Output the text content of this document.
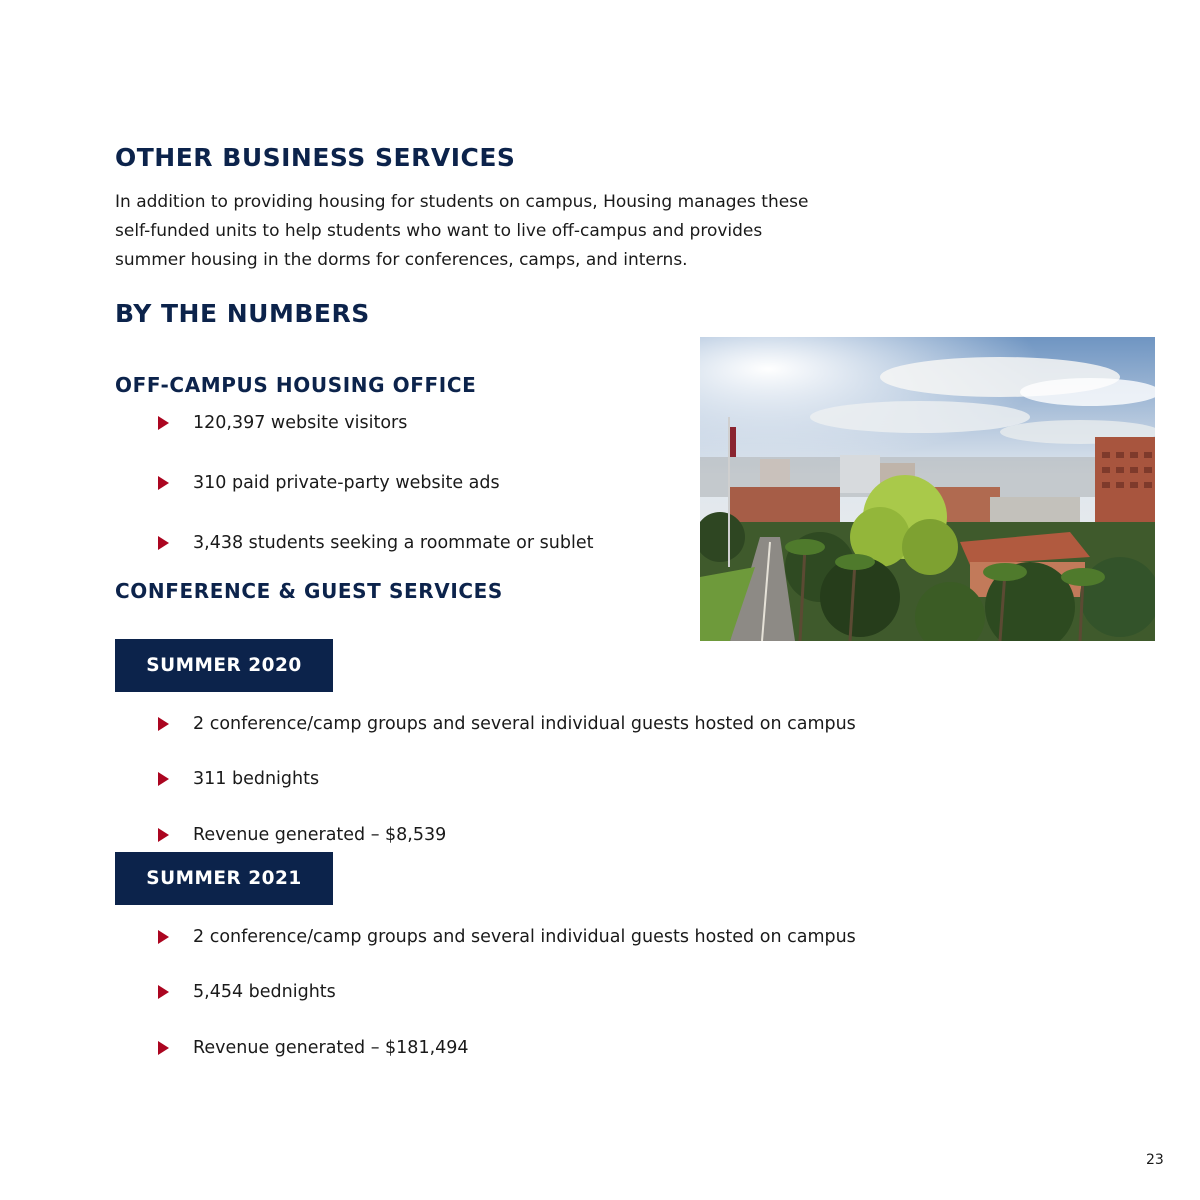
OTHER BUSINESS SERVICES

In addition to providing housing for students on campus, Housing manages these self-funded units to help students who want to live off-campus and provides summer housing in the dorms for conferences, camps, and interns.

BY THE NUMBERS
OFF-CAMPUS HOUSING OFFICE
120,397 website visitors
310 paid private-party website ads
3,438 students seeking a roommate or sublet
CONFERENCE & GUEST SERVICES
SUMMER 2020
2 conference/camp groups and several individual guests hosted on campus
311 bednights
Revenue generated – $8,539
SUMMER 2021
2 conference/camp groups and several individual guests hosted on campus
5,454 bednights
Revenue generated – $181,494
23
